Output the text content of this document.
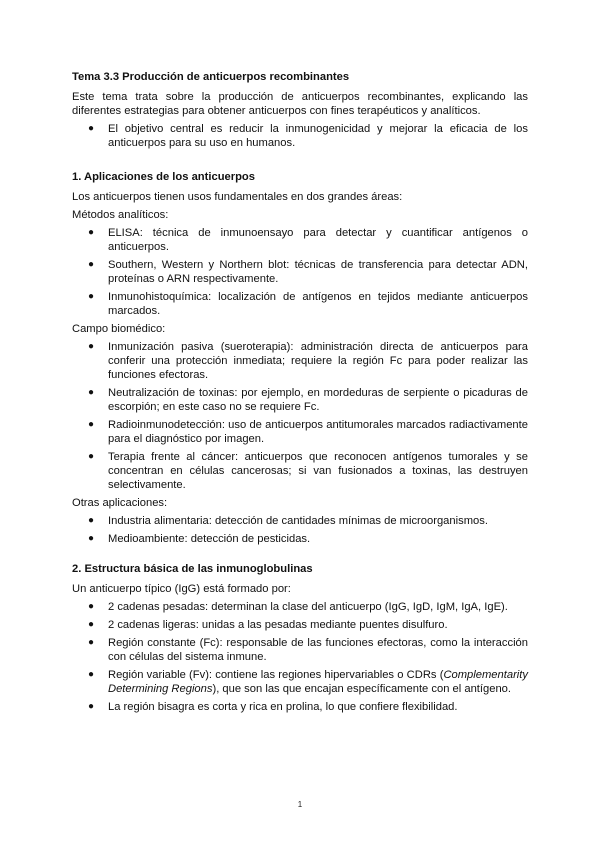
Tema 3.3 Producción de anticuerpos recombinantes
Este tema trata sobre la producción de anticuerpos recombinantes, explicando las diferentes estrategias para obtener anticuerpos con fines terapéuticos y analíticos.
● El objetivo central es reducir la inmunogenicidad y mejorar la eficacia de los anticuerpos para su uso en humanos.
1. Aplicaciones de los anticuerpos
Los anticuerpos tienen usos fundamentales en dos grandes áreas:
Métodos analíticos:
● ELISA: técnica de inmunoensayo para detectar y cuantificar antígenos o anticuerpos.
● Southern, Western y Northern blot: técnicas de transferencia para detectar ADN, proteínas o ARN respectivamente.
● Inmunohistoquímica: localización de antígenos en tejidos mediante anticuerpos marcados.
Campo biomédico:
● Inmunización pasiva (sueroterapia): administración directa de anticuerpos para conferir una protección inmediata; requiere la región Fc para poder realizar las funciones efectoras.
● Neutralización de toxinas: por ejemplo, en mordeduras de serpiente o picaduras de escorpión; en este caso no se requiere Fc.
● Radioinmunodetección: uso de anticuerpos antitumorales marcados radiactivamente para el diagnóstico por imagen.
● Terapia frente al cáncer: anticuerpos que reconocen antígenos tumorales y se concentran en células cancerosas; si van fusionados a toxinas, las destruyen selectivamente.
Otras aplicaciones:
● Industria alimentaria: detección de cantidades mínimas de microorganismos.
● Medioambiente: detección de pesticidas.
2. Estructura básica de las inmunoglobulinas
Un anticuerpo típico (IgG) está formado por:
● 2 cadenas pesadas: determinan la clase del anticuerpo (IgG, IgD, IgM, IgA, IgE).
● 2 cadenas ligeras: unidas a las pesadas mediante puentes disulfuro.
● Región constante (Fc): responsable de las funciones efectoras, como la interacción con células del sistema inmune.
● Región variable (Fv): contiene las regiones hipervariables o CDRs (Complementarity Determining Regions), que son las que encajan específicamente con el antígeno.
● La región bisagra es corta y rica en prolina, lo que confiere flexibilidad.
1
